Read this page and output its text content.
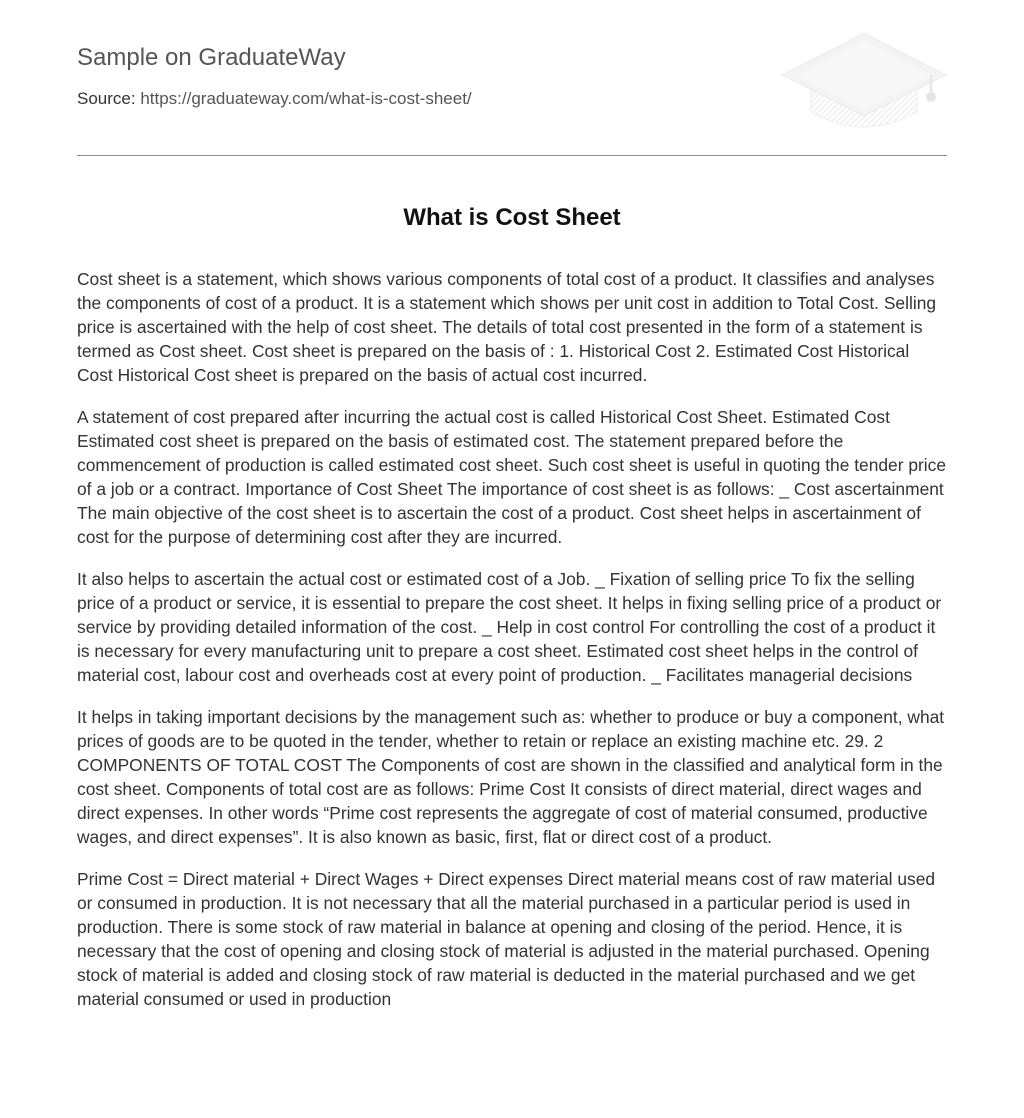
Sample on GraduateWay
Source: https://graduateway.com/what-is-cost-sheet/
What is Cost Sheet

Cost sheet is a statement, which shows various components of total cost of a product. It classifies and analyses the components of cost of a product. It is a statement which shows per unit cost in addition to Total Cost. Selling price is ascertained with the help of cost sheet. The details of total cost presented in the form of a statement is termed as Cost sheet. Cost sheet is prepared on the basis of : 1. Historical Cost 2. Estimated Cost Historical Cost Historical Cost sheet is prepared on the basis of actual cost incurred.

A statement of cost prepared after incurring the actual cost is called Historical Cost Sheet. Estimated Cost Estimated cost sheet is prepared on the basis of estimated cost. The statement prepared before the commencement of production is called estimated cost sheet. Such cost sheet is useful in quoting the tender price of a job or a contract. Importance of Cost Sheet The importance of cost sheet is as follows: _ Cost ascertainment The main objective of the cost sheet is to ascertain the cost of a product. Cost sheet helps in ascertainment of cost for the purpose of determining cost after they are incurred.

It also helps to ascertain the actual cost or estimated cost of a Job. _ Fixation of selling price To fix the selling price of a product or service, it is essential to prepare the cost sheet. It helps in fixing selling price of a product or service by providing detailed information of the cost. _ Help in cost control For controlling the cost of a product it is necessary for every manufacturing unit to prepare a cost sheet. Estimated cost sheet helps in the control of material cost, labour cost and overheads cost at every point of production. _ Facilitates managerial decisions

It helps in taking important decisions by the management such as: whether to produce or buy a component, what prices of goods are to be quoted in the tender, whether to retain or replace an existing machine etc. 29. 2 COMPONENTS OF TOTAL COST The Components of cost are shown in the classified and analytical form in the cost sheet. Components of total cost are as follows: Prime Cost It consists of direct material, direct wages and direct expenses. In other words “Prime cost represents the aggregate of cost of material consumed, productive wages, and direct expenses”. It is also known as basic, first, flat or direct cost of a product.

Prime Cost = Direct material + Direct Wages + Direct expenses Direct material means cost of raw material used or consumed in production. It is not necessary that all the material purchased in a particular period is used in production. There is some stock of raw material in balance at opening and closing of the period. Hence, it is necessary that the cost of opening and closing stock of material is adjusted in the material purchased. Opening stock of material is added and closing stock of raw material is deducted in the material purchased and we get material consumed or used in production
